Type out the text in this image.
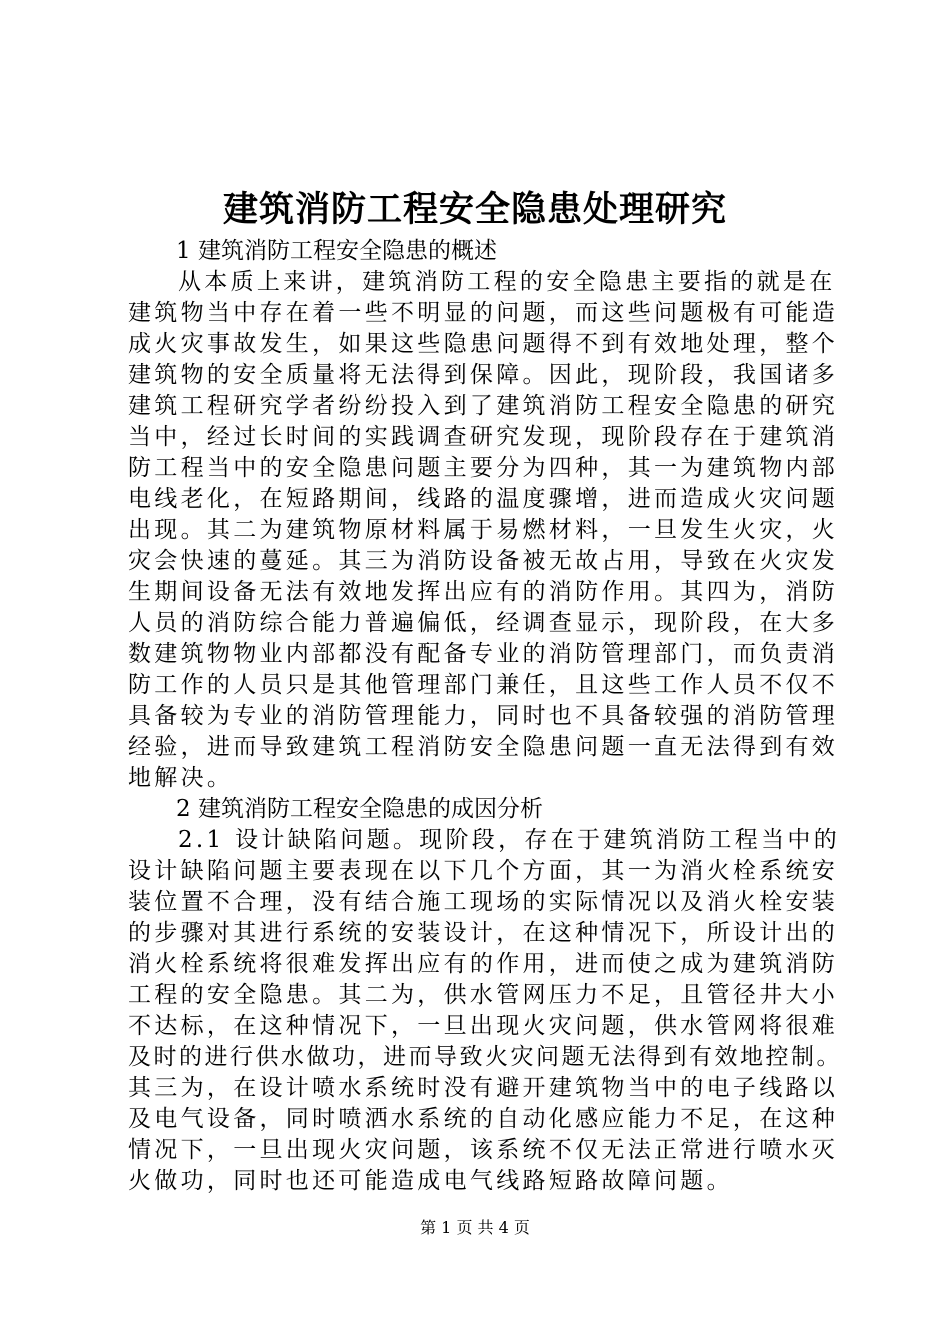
建筑消防工程安全隐患处理研究
1 建筑消防工程安全隐患的概述
从本质上来讲，建筑消防工程的安全隐患主要指的就是在
建筑物当中存在着一些不明显的问题，而这些问题极有可能造
成火灾事故发生，如果这些隐患问题得不到有效地处理，整个
建筑物的安全质量将无法得到保障。因此，现阶段，我国诸多
建筑工程研究学者纷纷投入到了建筑消防工程安全隐患的研究
当中，经过长时间的实践调查研究发现，现阶段存在于建筑消
防工程当中的安全隐患问题主要分为四种，其一为建筑物内部
电线老化，在短路期间，线路的温度骤增，进而造成火灾问题
出现。其二为建筑物原材料属于易燃材料，一旦发生火灾，火
灾会快速的蔓延。其三为消防设备被无故占用，导致在火灾发
生期间设备无法有效地发挥出应有的消防作用。其四为，消防
人员的消防综合能力普遍偏低，经调查显示，现阶段，在大多
数建筑物物业内部都没有配备专业的消防管理部门，而负责消
防工作的人员只是其他管理部门兼任，且这些工作人员不仅不
具备较为专业的消防管理能力，同时也不具备较强的消防管理
经验，进而导致建筑工程消防安全隐患问题一直无法得到有效
地解决。
2 建筑消防工程安全隐患的成因分析
2.1 设计缺陷问题。现阶段，存在于建筑消防工程当中的
设计缺陷问题主要表现在以下几个方面，其一为消火栓系统安
装位置不合理，没有结合施工现场的实际情况以及消火栓安装
的步骤对其进行系统的安装设计，在这种情况下，所设计出的
消火栓系统将很难发挥出应有的作用，进而使之成为建筑消防
工程的安全隐患。其二为，供水管网压力不足，且管径井大小
不达标，在这种情况下，一旦出现火灾问题，供水管网将很难
及时的进行供水做功，进而导致火灾问题无法得到有效地控制。
其三为，在设计喷水系统时没有避开建筑物当中的电子线路以
及电气设备，同时喷洒水系统的自动化感应能力不足，在这种
情况下，一旦出现火灾问题，该系统不仅无法正常进行喷水灭
火做功，同时也还可能造成电气线路短路故障问题。
第 1 页 共 4 页
